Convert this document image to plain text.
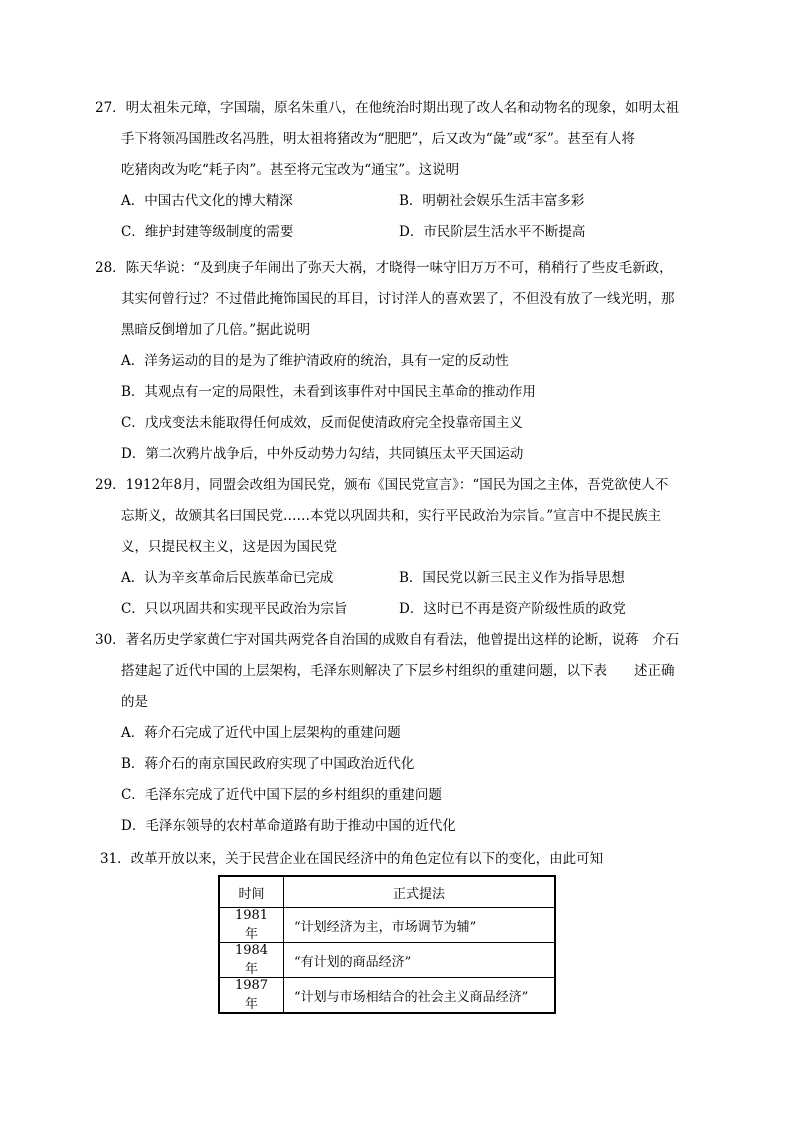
27．明太祖朱元璋，字国瑞，原名朱重八，在他统治时期出现了改人名和动物名的现象，如明太祖
手下将领冯国胜改名冯胜，明太祖将猪改为“肥肥”，后又改为“彘”或“豕”。甚至有人将
吃猪肉改为吃“耗子肉”。甚至将元宝改为“通宝”。这说明
A．中国古代文化的博大精深	B．明朝社会娱乐生活丰富多彩
C．维护封建等级制度的需要	D．市民阶层生活水平不断提高
28．陈天华说：“及到庚子年闹出了弥天大祸，才晓得一味守旧万万不可，稍稍行了些皮毛新政，
其实何曾行过？不过借此掩饰国民的耳目，讨讨洋人的喜欢罢了，不但没有放了一线光明，那
黑暗反倒增加了几倍。”据此说明
A．洋务运动的目的是为了维护清政府的统治，具有一定的反动性
B．其观点有一定的局限性，未看到该事件对中国民主革命的推动作用
C．戊戌变法未能取得任何成效，反而促使清政府完全投靠帝国主义
D．第二次鸦片战争后，中外反动势力勾结，共同镇压太平天国运动
29．1912年8月，同盟会改组为国民党，颁布《国民党宣言》：“国民为国之主体，吾党欲使人不
忘斯义，故颁其名曰国民党……本党以巩固共和，实行平民政治为宗旨。”宣言中不提民族主
义，只提民权主义，这是因为国民党
A．认为辛亥革命后民族革命已完成	B．国民党以新三民主义作为指导思想
C．只以巩固共和实现平民政治为宗旨	D．这时已不再是资产阶级性质的政党
30．著名历史学家黄仁宇对国共两党各自治国的成败自有看法，他曾提出这样的论断，说蒋　介石
搭建起了近代中国的上层架构，毛泽东则解决了下层乡村组织的重建问题，以下表　　述正确
的是
A．蒋介石完成了近代中国上层架构的重建问题
B．蒋介石的南京国民政府实现了中国政治近代化
C．毛泽东完成了近代中国下层的乡村组织的重建问题
D．毛泽东领导的农村革命道路有助于推动中国的近代化
31．改革开放以来，关于民营企业在国民经济中的角色定位有以下的变化，由此可知
时间	正式提法
1981年	“计划经济为主，市场调节为辅”
1984年	“有计划的商品经济”
1987年	“计划与市场相结合的社会主义商品经济”
